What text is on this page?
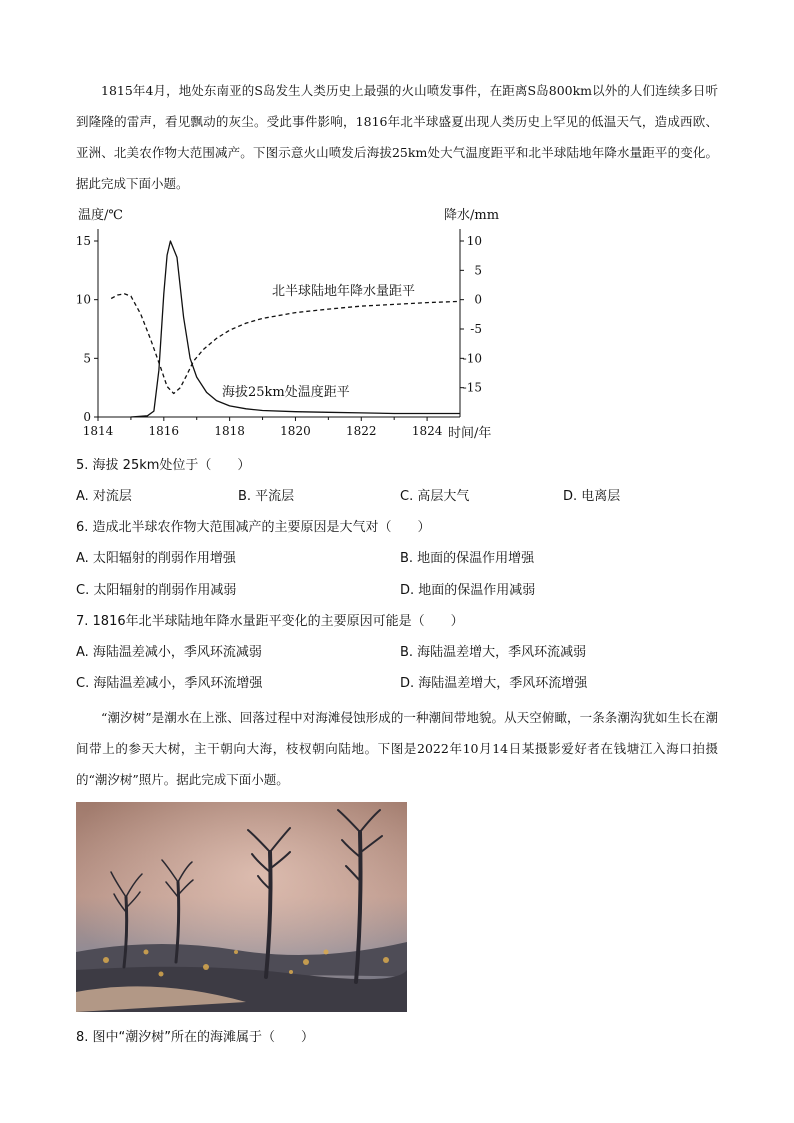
1815年4月，地处东南亚的S岛发生人类历史上最强的火山喷发事件，在距离S岛800km以外的人们连续多日听到隆隆的雷声，看见飘动的灰尘。受此事件影响，1816年北半球盛夏出现人类历史上罕见的低温天气，造成西欧、亚洲、北美农作物大范围减产。下图示意火山喷发后海拔25km处大气温度距平和北半球陆地年降水量距平的变化。据此完成下面小题。

1814	1816	1818	1820	1822	1824
0
5
10
15	10
5
0
-5
-10
-15
温度/℃	降水/mm
时间/年
北半球陆地年降水量距平
海拔25km处温度距平
5. 海拔 25km处位于（　　）
A. 对流层	B. 平流层	C. 高层大气	D. 电离层
6. 造成北半球农作物大范围减产的主要原因是大气对（　　）
A. 太阳辐射的削弱作用增强	B. 地面的保温作用增强
C. 太阳辐射的削弱作用减弱	D. 地面的保温作用减弱
7. 1816年北半球陆地年降水量距平变化的主要原因可能是（　　）
A. 海陆温差减小，季风环流减弱	B. 海陆温差增大，季风环流减弱
C. 海陆温差减小，季风环流增强	D. 海陆温差增大，季风环流增强

“潮汐树”是潮水在上涨、回落过程中对海滩侵蚀形成的一种潮间带地貌。从天空俯瞰，一条条潮沟犹如生长在潮间带上的参天大树，主干朝向大海，枝杈朝向陆地。下图是2022年10月14日某摄影爱好者在钱塘江入海口拍摄的“潮汐树”照片。据此完成下面小题。

8. 图中“潮汐树”所在的海滩属于（　　）
